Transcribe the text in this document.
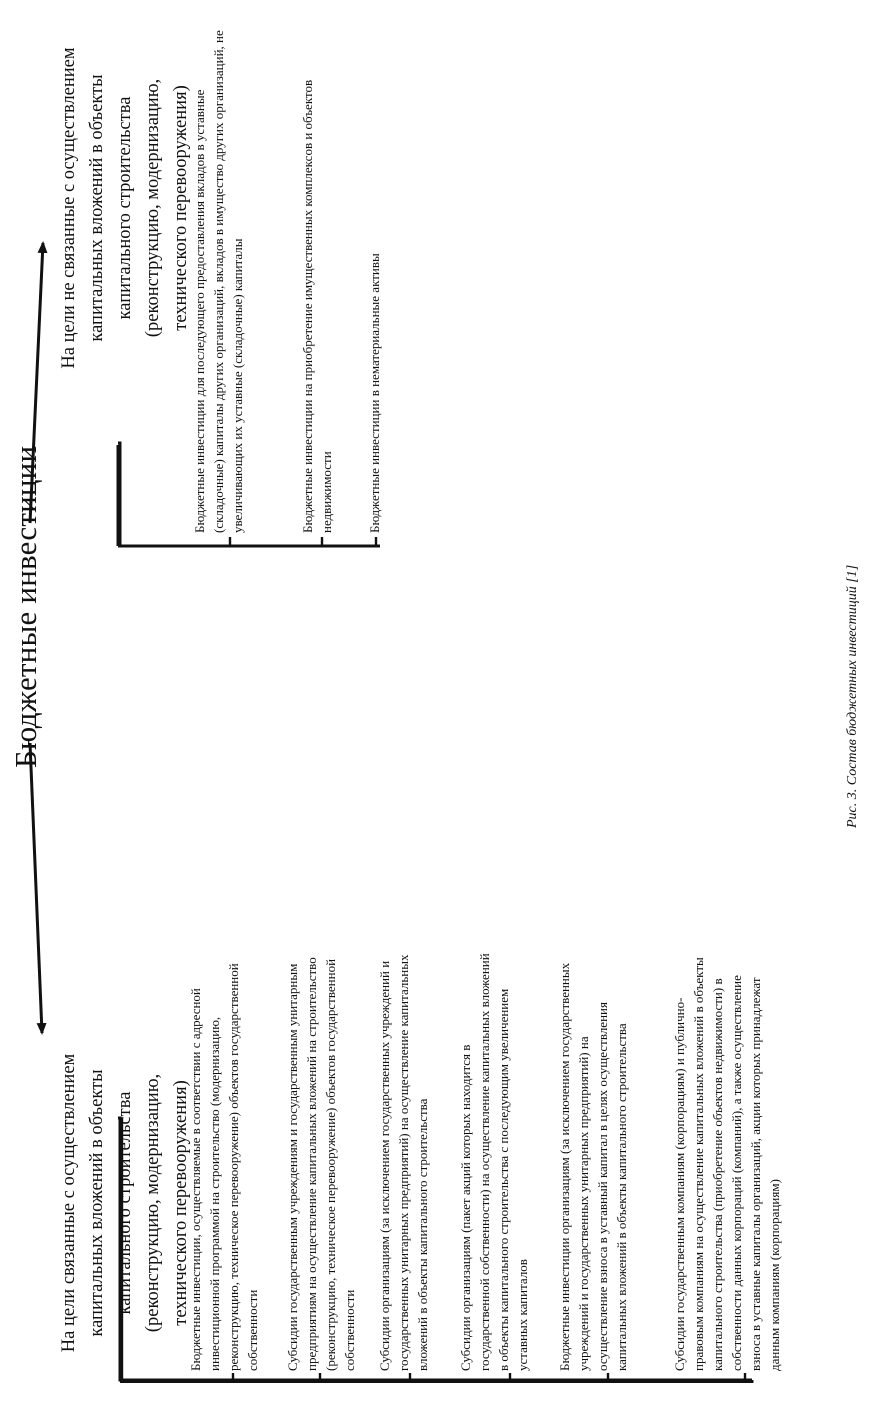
Бюджетные инвестиции
На цели связанные с осуществлением капитальных вложений в объекты капитального строительства (реконструкцию, модернизацию, технического перевооружения)
На цели не связанные с осуществлением капитальных вложений в объекты капитального строительства (реконструкцию, модернизацию, технического перевооружения)
Бюджетные инвестиции, осуществляемые в соответствии с адресной инвестиционной программой на строительство (модернизацию, реконструкцию, техническое перевооружение) объектов государственной собственности Субсидии государственным учреждениям и государственным унитарным предприятиям на осуществление капитальных вложений на строительство (реконструкцию, техническое перевооружение) объектов государственной собственности Субсидии организациям (за исключением государственных учреждений и государственных унитарных предприятий) на осуществление капитальных вложений в объекты капитального строительства Субсидии организациям (пакет акций которых находится в государственной собственности) на осуществление капитальных вложений в объекты капитального строительства с последующим увеличением уставных капиталов Бюджетные инвестиции организациям (за исключением государственных учреждений и государственных унитарных предприятий) на осуществление взноса в уставный капитал в целях осуществления капитальных вложений в объекты капитального строительства	Субсидии государственным компаниям (корпорациям) и публично-правовым компаниям на осуществление капитальных вложений в объекты капитального строительства (приобретение объектов недвижимости) в собственности данных корпораций (компаний), а также осуществление взноса в уставные капиталы организаций, акции которых принадлежат данным компаниям (корпорациям)
Бюджетные инвестиции для последующего предоставления вкладов в уставные (складочные) капиталы других организаций, вкладов в имущество других организаций, не увеличивающих их уставные (складочные) капиталы	Бюджетные инвестиции на приобретение имущественных комплексов и объектов недвижимости	Бюджетные инвестиции в нематериальные активы
Рис. 3. Состав бюджетных инвестиций [1]
